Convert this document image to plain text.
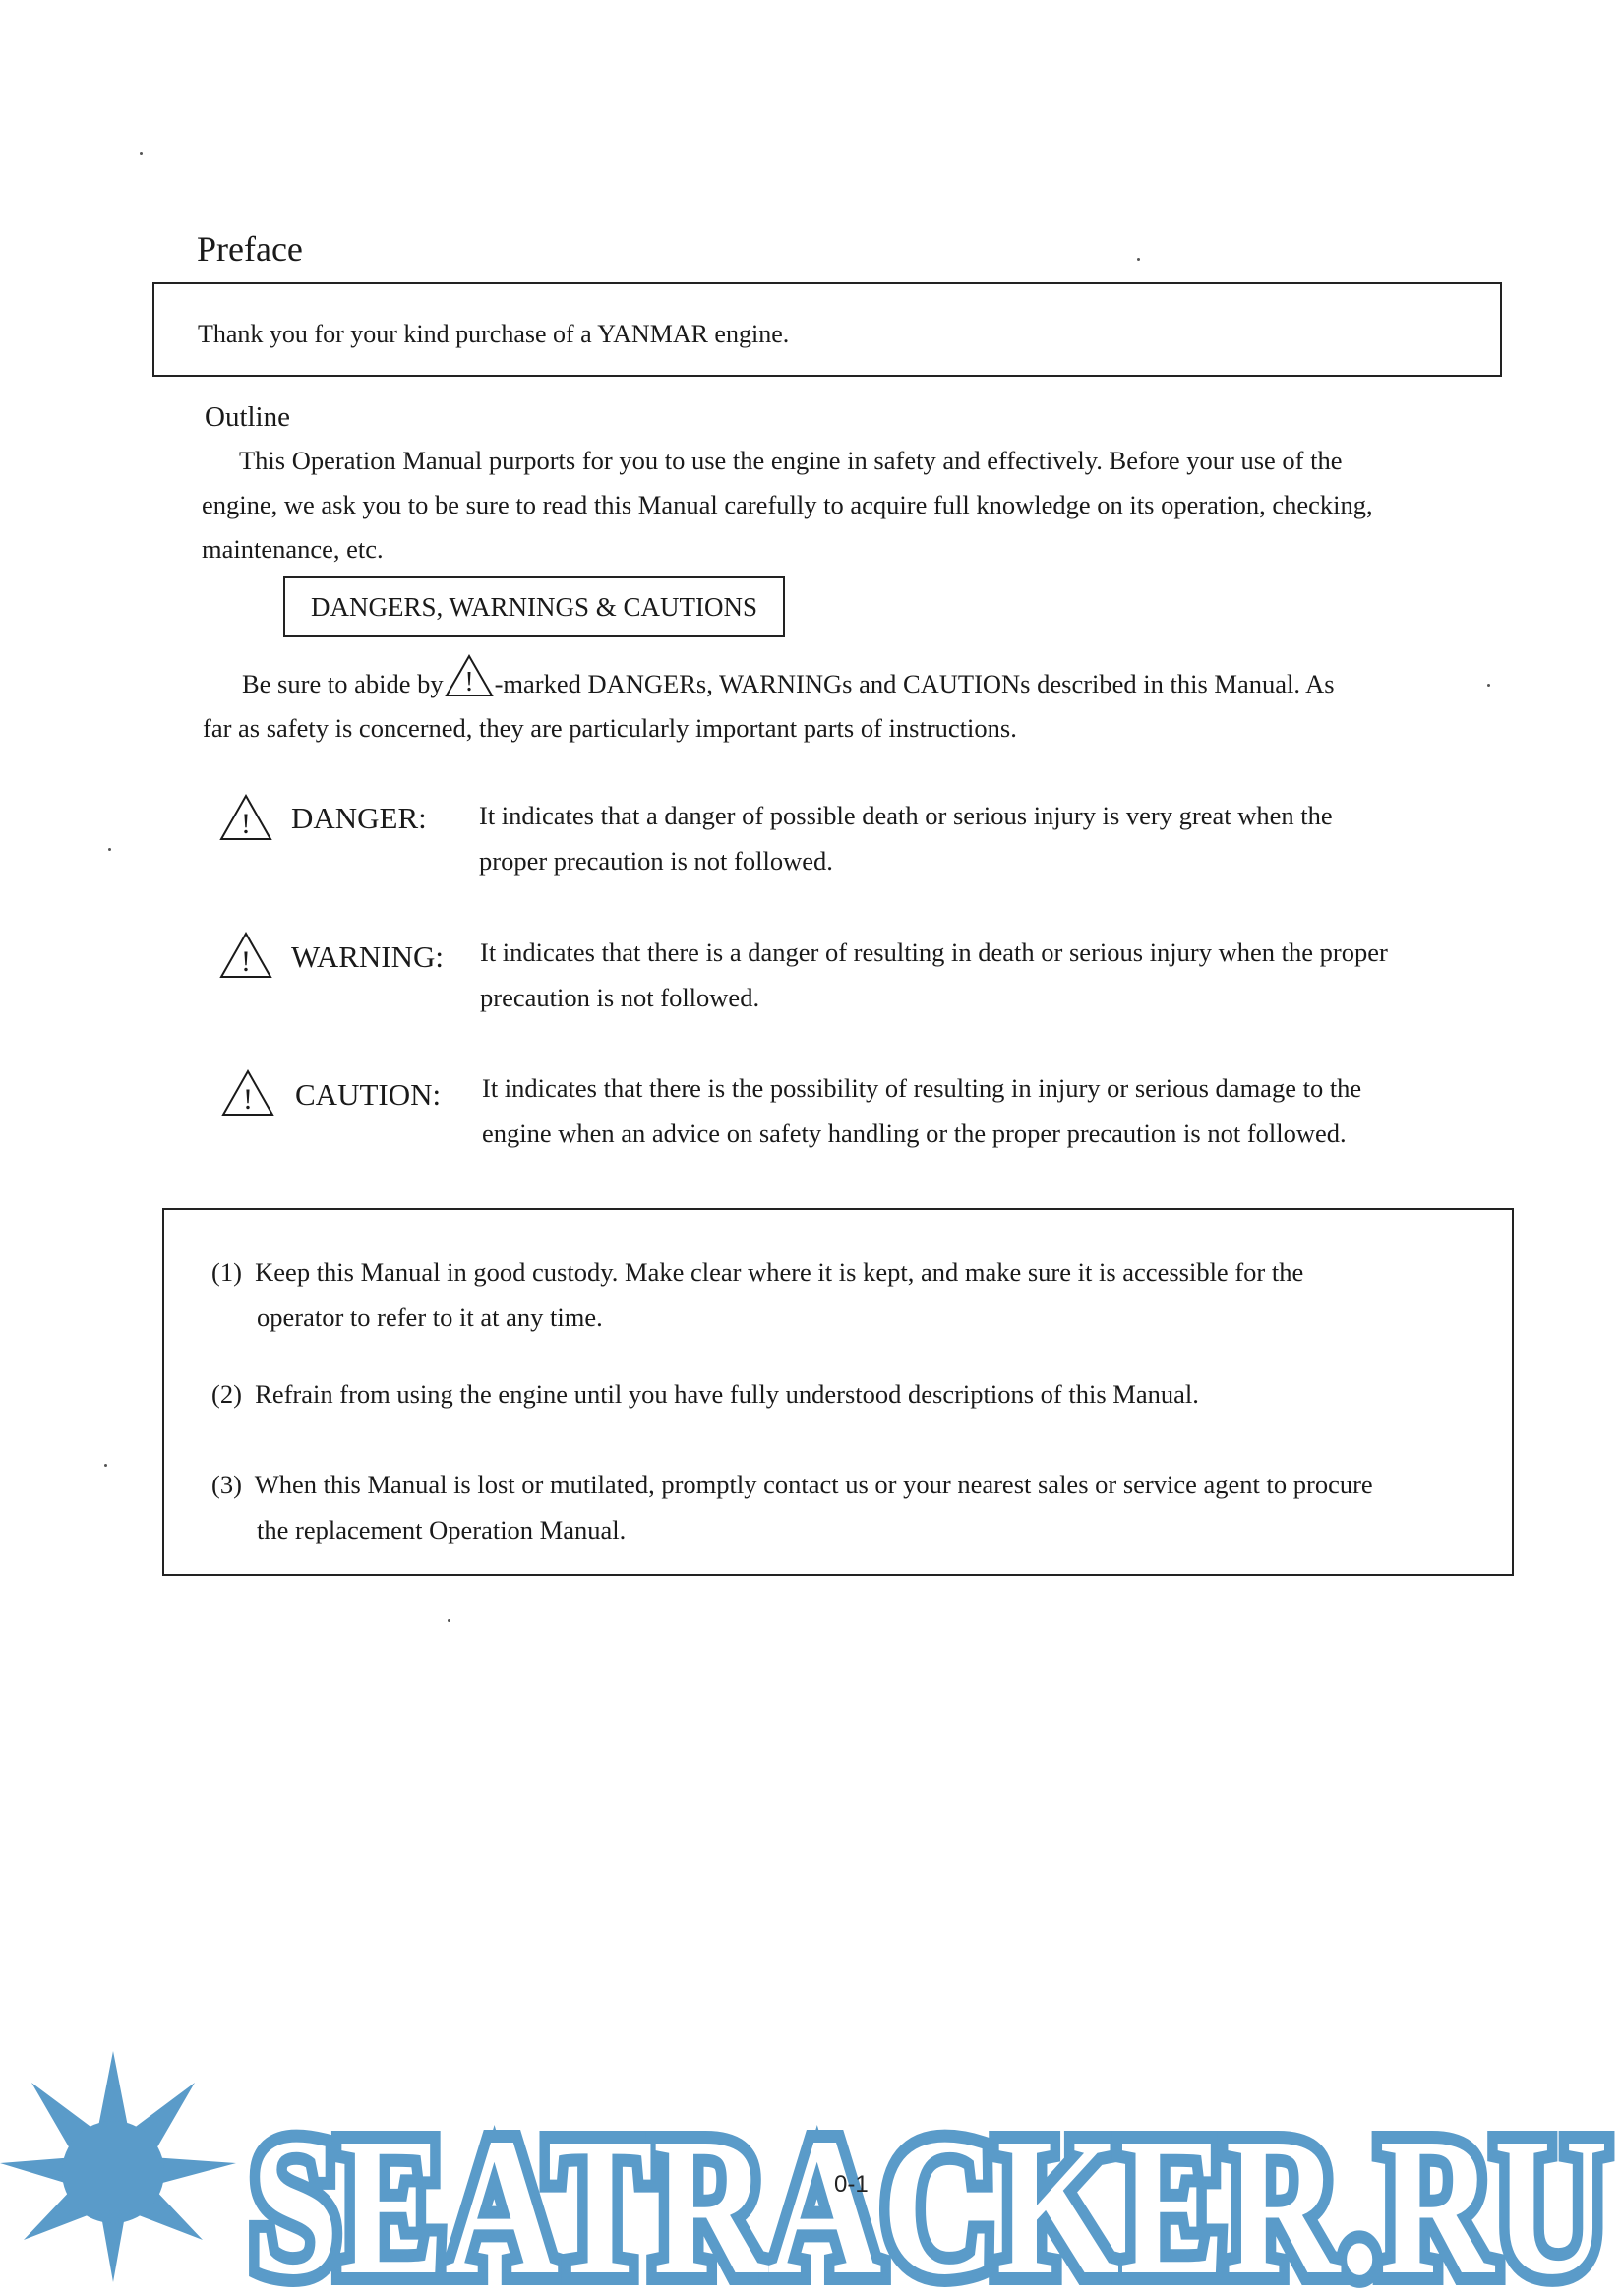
Preface
Thank you for your kind purchase of a YANMAR engine.
Outline
This Operation Manual purports for you to use the engine in safety and effectively. Before your use of the
engine, we ask you to be sure to read this Manual carefully to acquire full knowledge on its operation, checking,
maintenance, etc.
DANGERS, WARNINGS & CAUTIONS
Be sure to abide by ! -marked DANGERs, WARNINGs and CAUTIONs described in this Manual. As
far as safety is concerned, they are particularly important parts of instructions.
! DANGER: It indicates that a danger of possible death or serious injury is very great when the
proper precaution is not followed.
! WARNING: It indicates that there is a danger of resulting in death or serious injury when the proper
precaution is not followed.
! CAUTION: It indicates that there is the possibility of resulting in injury or serious damage to the
engine when an advice on safety handling or the proper precaution is not followed.
(1) Keep this Manual in good custody. Make clear where it is kept, and make sure it is accessible for the
operator to refer to it at any time.
(2) Refrain from using the engine until you have fully understood descriptions of this Manual.
(3) When this Manual is lost or mutilated, promptly contact us or your nearest sales or service agent to procure
the replacement Operation Manual.
SEATRACKER.RU
0-1
